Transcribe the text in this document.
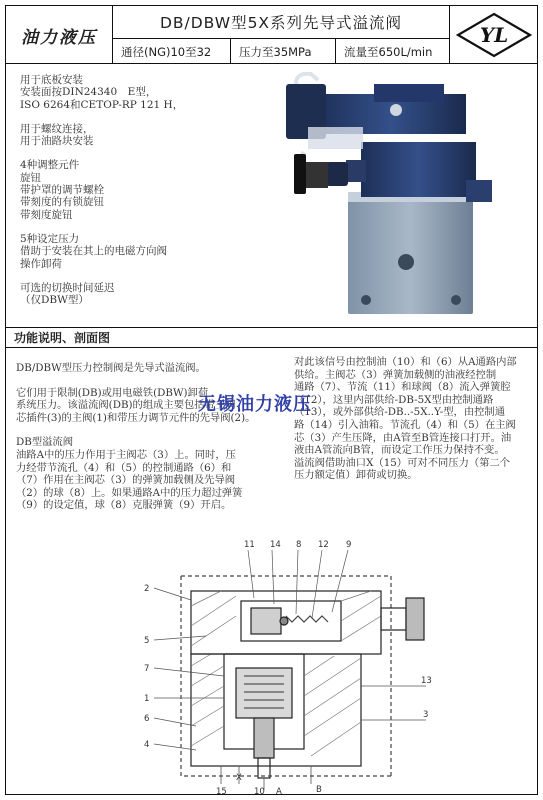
油力液压
DB/DBW型5X系列先导式溢流阀
通径(NG)10至32	压力至35MPa	流量至650L/min
YL
用于底板安装
安装面按DIN24340　E型，
ISO 6264和CETOP-RP 121 H，
用于螺纹连接，
用于油路块安装
4种调整元件
旋钮
带护罩的调节螺栓
带刻度的有锁旋钮
带刻度旋钮
5种设定压力
借助于安装在其上的电磁方向阀
操作卸荷
可选的切换时间延迟
（仅DBW型）
功能说明、剖面图

DB/DBW型压力控制阀是先导式溢流阀。

它们用于限制(DB)或用电磁铁(DBW)卸荷
系统压力。该溢流阀(DB)的组成主要包括带主阀
芯插件(3)的主阀(1)和带压力调节元件的先导阀(2)。

DB型溢流阀
油路A中的压力作用于主阀芯（3）上。同时，压
力经带节流孔（4）和（5）的控制通路（6）和
（7）作用在主阀芯（3）的弹簧加载侧及先导阀
（2）的球（8）上。如果通路A中的压力超过弹簧
（9）的设定值，球（8）克服弹簧（9）开启。

对此该信号由控制油（10）和（6）从A通路内部
供给。主阀芯（3）弹簧加载侧的油液经控制
通路（7）、节流（11）和球阀（8）流入弹簧腔
（12），这里内部供给-DB-5X型由控制通路
（13），或外部供给-DB..-5X..Y-型，由控制通
路（14）引入油箱。节流孔（4）和（5）在主阀
芯（3）产生压降，由A管至B管连接口打开。油
液由A管流向B管，而设定工作压力保持不变。
溢流阀借助油口X（15）可对不同压力（第二个
压力额定值）卸荷或切换。
无锡油力液压
11 14 8 12 9
2
5
7
1
6
4
13
3
15
X
10 A	B
